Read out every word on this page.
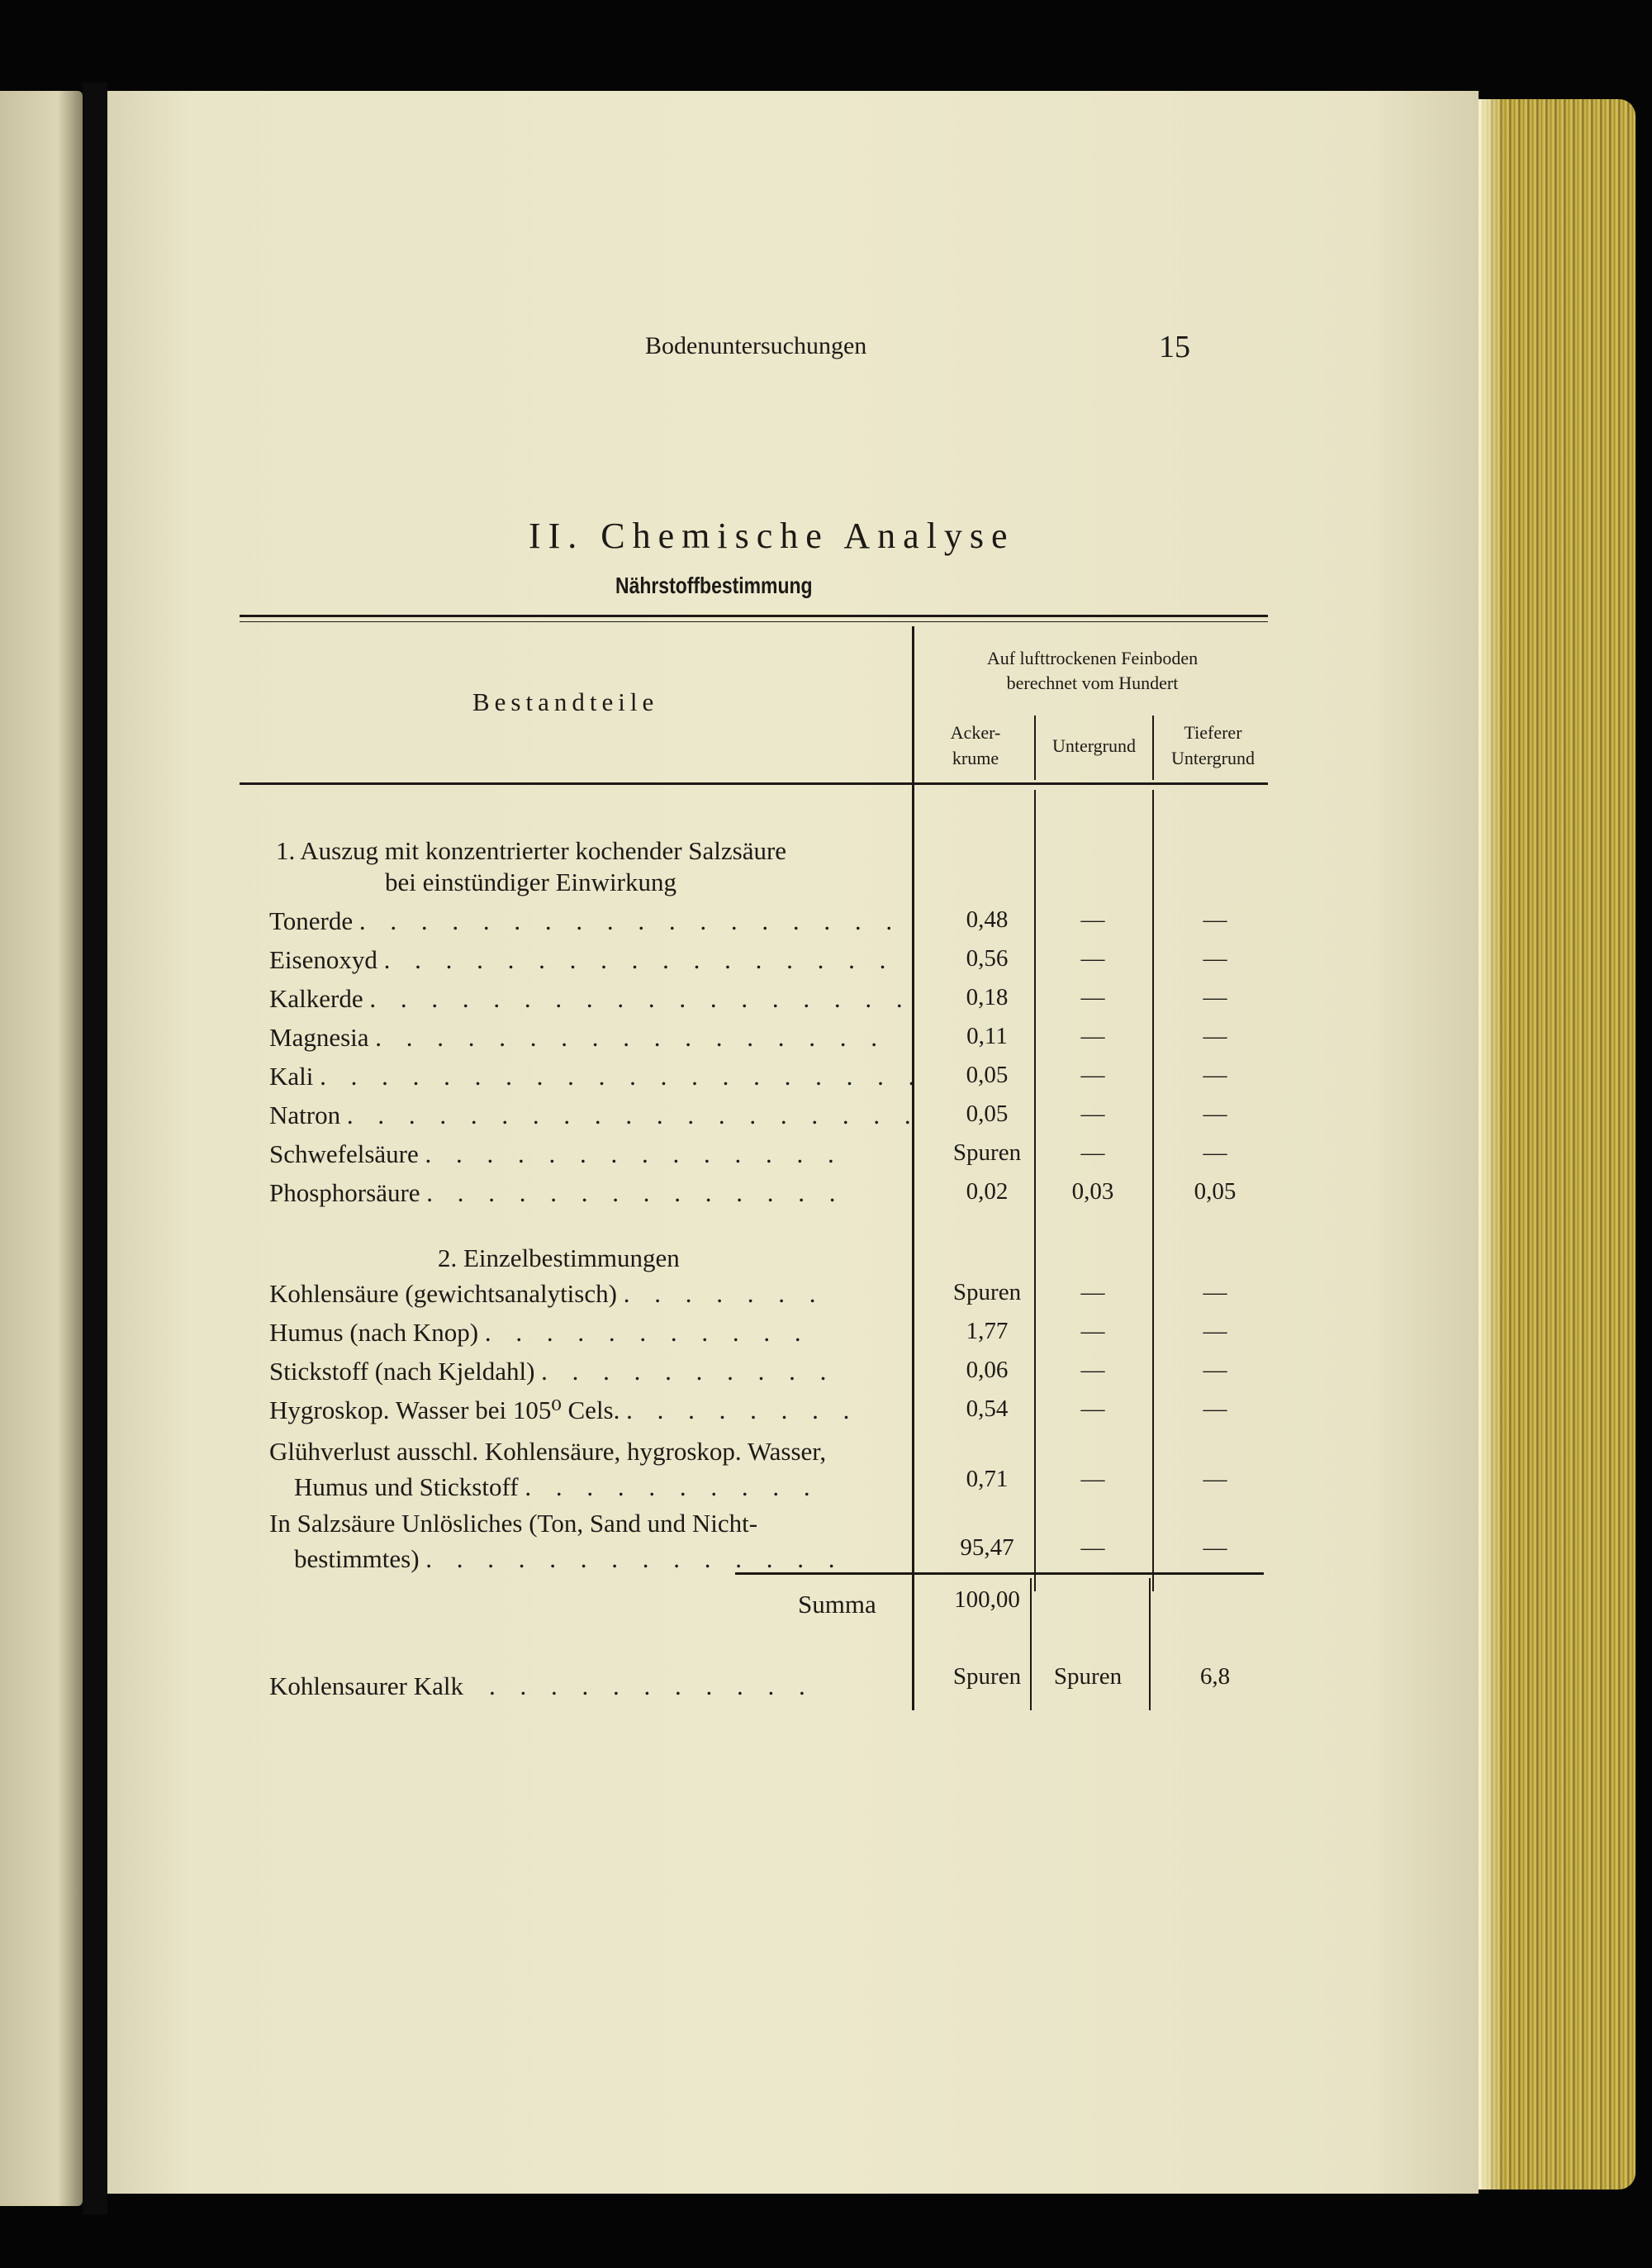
Bodenuntersuchungen	15
II. Chemische Analyse
Nährstoffbestimmung
Bestandteile
Auf lufttrockenen Feinboden
berechnet vom Hundert
Acker-
krume
Untergrund
Tieferer
Untergrund
1. Auszug mit konzentrierter kochender Salzsäure
bei einstündiger Einwirkung
Tonerde . . . . . . . . . . . . . . . . . .	0,48	—	—
Eisenoxyd . . . . . . . . . . . . . . . . .	0,56	—	—
Kalkerde . . . . . . . . . . . . . . . . . .	0,18	—	—
Magnesia . . . . . . . . . . . . . . . . .	0,11	—	—
Kali . . . . . . . . . . . . . . . . . . . .	0,05	—	—
Natron . . . . . . . . . . . . . . . . . . .	0,05	—	—
Schwefelsäure . . . . . . . . . . . . . .	Spuren	—	—
Phosphorsäure . . . . . . . . . . . . . .	0,02	0,03	0,05
2. Einzelbestimmungen
Kohlensäure (gewichtsanalytisch) . . . . . . .	Spuren	—	—
Humus (nach Knop) . . . . . . . . . . .	1,77	—	—
Stickstoff (nach Kjeldahl) . . . . . . . . . .	0,06	—	—
Hygroskop. Wasser bei 105⁰ Cels. . . . . . . . .	0,54	—	—
Glühverlust ausschl. Kohlensäure, hygroskop. Wasser,
Humus und Stickstoff . . . . . . . . . .	0,71	—	—
In Salzsäure Unlösliches (Ton, Sand und Nicht-
bestimmtes) . . . . . . . . . . . . . .	95,47	—	—
Summa	100,00
Kohlensaurer Kalk . . . . . . . . . . .	Spuren	Spuren	6,8
